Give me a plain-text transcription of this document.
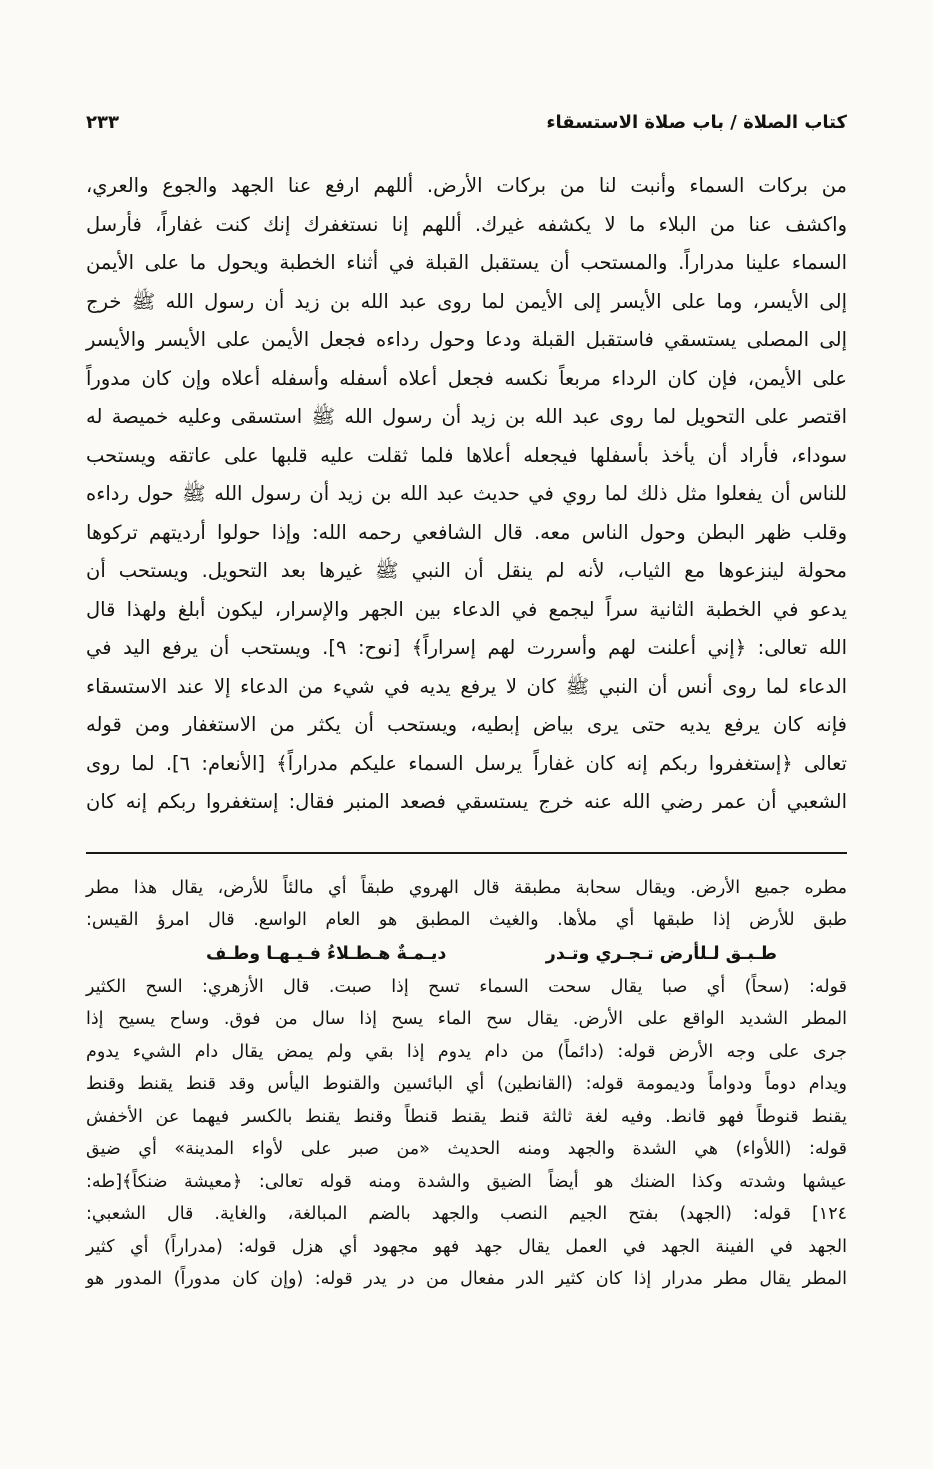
كتاب الصلاة / باب صلاة الاستسقاء
٢٣٣
من بركات السماء وأنبت لنا من بركات الأرض. أللهم ارفع عنا الجهد والجوع والعري،
واكشف عنا من البلاء ما لا يكشفه غيرك. أللهم إنا نستغفرك إنك كنت غفاراً، فأرسل
السماء علينا مدراراً. والمستحب أن يستقبل القبلة في أثناء الخطبة ويحول ما على الأيمن
إلى الأيسر، وما على الأيسر إلى الأيمن لما روى عبد الله بن زيد أن رسول الله ﷺ خرج
إلى المصلى يستسقي فاستقبل القبلة ودعا وحول رداءه فجعل الأيمن على الأيسر والأيسر
على الأيمن، فإن كان الرداء مربعاً نكسه فجعل أعلاه أسفله وأسفله أعلاه وإن كان مدوراً
اقتصر على التحويل لما روى عبد الله بن زيد أن رسول الله ﷺ استسقى وعليه خميصة له
سوداء، فأراد أن يأخذ بأسفلها فيجعله أعلاها فلما ثقلت عليه قلبها على عاتقه ويستحب
للناس أن يفعلوا مثل ذلك لما روي في حديث عبد الله بن زيد أن رسول الله ﷺ حول رداءه
وقلب ظهر البطن وحول الناس معه. قال الشافعي رحمه الله: وإذا حولوا أرديتهم تركوها
محولة لينزعوها مع الثياب، لأنه لم ينقل أن النبي ﷺ غيرها بعد التحويل. ويستحب أن
يدعو في الخطبة الثانية سراً ليجمع في الدعاء بين الجهر والإسرار، ليكون أبلغ ولهذا قال
الله تعالى: ﴿إني أعلنت لهم وأسررت لهم إسراراً﴾ [نوح: ٩]. ويستحب أن يرفع اليد في
الدعاء لما روى أنس أن النبي ﷺ كان لا يرفع يديه في شيء من الدعاء إلا عند الاستسقاء
فإنه كان يرفع يديه حتى يرى بياض إبطيه، ويستحب أن يكثر من الاستغفار ومن قوله
تعالى ﴿إستغفروا ربكم إنه كان غفاراً يرسل السماء عليكم مدراراً﴾ [الأنعام: ٦]. لما روى
الشعبي أن عمر رضي الله عنه خرج يستسقي فصعد المنبر فقال: إستغفروا ربكم إنه كان
مطره جميع الأرض. ويقال سحابة مطبقة قال الهروي طبقاً أي مالئاً للأرض، يقال هذا مطر
طبق للأرض إذا طبقها أي ملأها. والغيث المطبق هو العام الواسع. قال امرؤ القيس:
ديـمـةٌ هـطـلاءُ فـيـهـا وطـف	طـبـق لـلأرض تـجـري وتـدر
قوله: (سحاً) أي صبا يقال سحت السماء تسح إذا صبت. قال الأزهري: السح الكثير
المطر الشديد الواقع على الأرض. يقال سح الماء يسح إذا سال من فوق. وساح يسيح إذا
جرى على وجه الأرض قوله: (دائماً) من دام يدوم إذا بقي ولم يمض يقال دام الشيء يدوم
ويدام دوماً ودواماً وديمومة قوله: (القانطين) أي البائسين والقنوط اليأس وقد قنط يقنط وقنط
يقنط قنوطاً فهو قانط. وفيه لغة ثالثة قنط يقنط قنطاً وقنط يقنط بالكسر فيهما عن الأخفش
قوله: (اللأواء) هي الشدة والجهد ومنه الحديث «من صبر على لأواء المدينة» أي ضيق
عيشها وشدته وكذا الضنك هو أيضاً الضيق والشدة ومنه قوله تعالى: ﴿معيشة ضنكاً﴾[طه:
١٢٤] قوله: (الجهد) بفتح الجيم النصب والجهد بالضم المبالغة، والغاية. قال الشعبي:
الجهد في الفينة الجهد في العمل يقال جهد فهو مجهود أي هزل قوله: (مدراراً) أي كثير
المطر يقال مطر مدرار إذا كان كثير الدر مفعال من در يدر قوله: (وإن كان مدوراً) المدور هو
